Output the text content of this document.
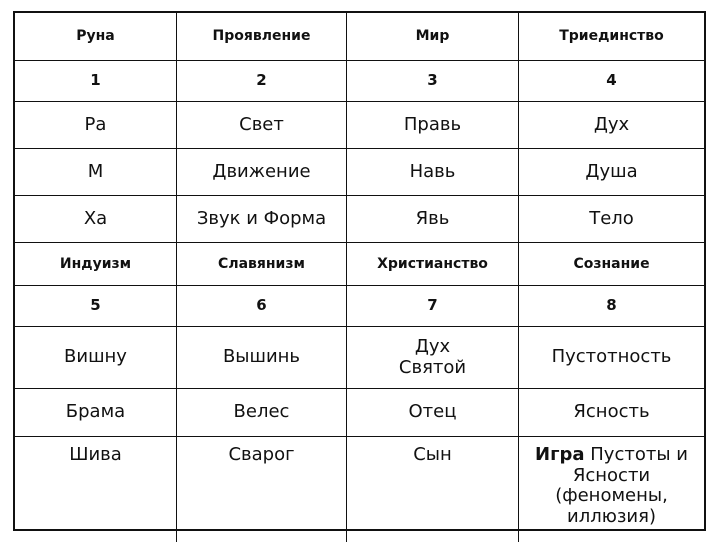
Руна	Проявление	Мир	Триединство
1	2	3	4
Ра	Свет	Правь	Дух
М	Движение	Навь	Душа
Ха	Звук и Форма	Явь	Тело
Индуизм	Славянизм	Христианство	Сознание
5	6	7	8
Вишну	Вышинь	Дух Святой	Пустотность
Брама	Велес	Отец	Ясность
Шива	Сварог	Сын	Игра Пустоты и Ясности (феномены, иллюзия)
